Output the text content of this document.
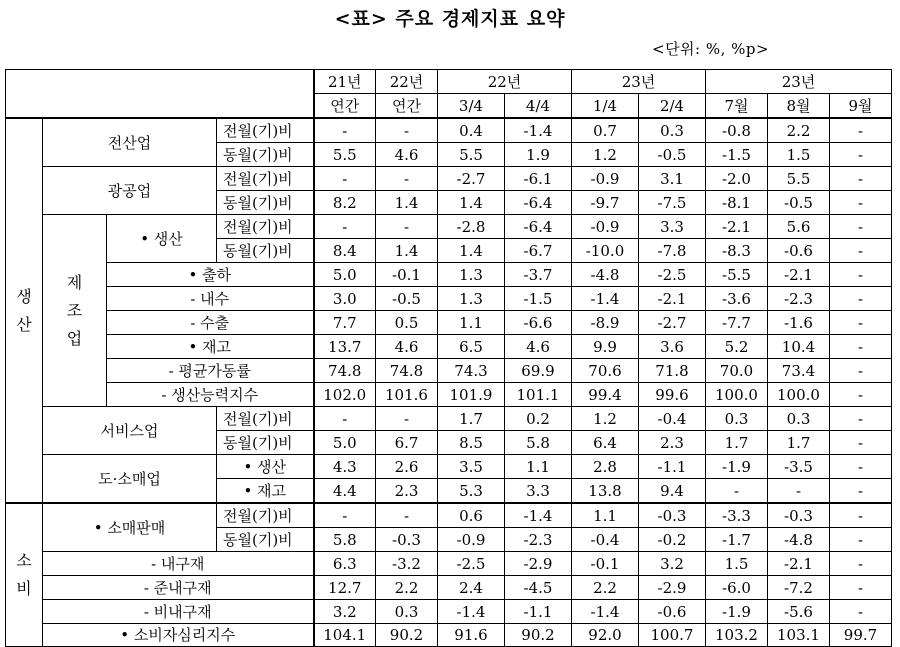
<표> 주요 경제지표 요약
<단위: %, %p>
				21년	22년	22년		23년		23년		
				연간	연간	3/4	4/4	1/4	2/4	7월	8월	9월

생
산	전산업		전월(기)비	-	-	0.4	-1.4	0.7	0.3	-0.8	2.2	-
			동월(기)비	5.5	4.6	5.5	1.9	1.2	-0.5	-1.5	1.5	-
	광공업		전월(기)비	-	-	-2.7	-6.1	-0.9	3.1	-2.0	5.5	-
			동월(기)비	8.2	1.4	1.4	-6.4	-9.7	-7.5	-8.1	-0.5	-

	제
조
업	• 생산	전월(기)비	-	-	-2.8	-6.4	-0.9	3.3	-2.1	5.6	-
			동월(기)비	8.4	1.4	1.4	-6.7	-10.0	-7.8	-8.3	-0.6	-
		• 출하		5.0	-0.1	1.3	-3.7	-4.8	-2.5	-5.5	-2.1	-
		- 내수		3.0	-0.5	1.3	-1.5	-1.4	-2.1	-3.6	-2.3	-
		- 수출		7.7	0.5	1.1	-6.6	-8.9	-2.7	-7.7	-1.6	-
		• 재고		13.7	4.6	6.5	4.6	9.9	3.6	5.2	10.4	-
		- 평균가동률		74.8	74.8	74.3	69.9	70.6	71.8	70.0	73.4	-
		- 생산능력지수		102.0	101.6	101.9	101.1	99.4	99.6	100.0	100.0	-
	서비스업		전월(기)비	-	-	1.7	0.2	1.2	-0.4	0.3	0.3	-
			동월(기)비	5.0	6.7	8.5	5.8	6.4	2.3	1.7	1.7	-
	도·소매업		• 생산	4.3	2.6	3.5	1.1	2.8	-1.1	-1.9	-3.5	-
			• 재고	4.4	2.3	5.3	3.3	13.8	9.4	-	-	-

소
비	• 소매판매		전월(기)비	-	-	0.6	-1.4	1.1	-0.3	-3.3	-0.3	-
			동월(기)비	5.8	-0.3	-0.9	-2.3	-0.4	-0.2	-1.7	-4.8	-
	- 내구재			6.3	-3.2	-2.5	-2.9	-0.1	3.2	1.5	-2.1	-
	- 준내구재			12.7	2.2	2.4	-4.5	2.2	-2.9	-6.0	-7.2	-
	- 비내구재			3.2	0.3	-1.4	-1.1	-1.4	-0.6	-1.9	-5.6	-
	• 소비자심리지수			104.1	90.2	91.6	90.2	92.0	100.7	103.2	103.1	99.7
